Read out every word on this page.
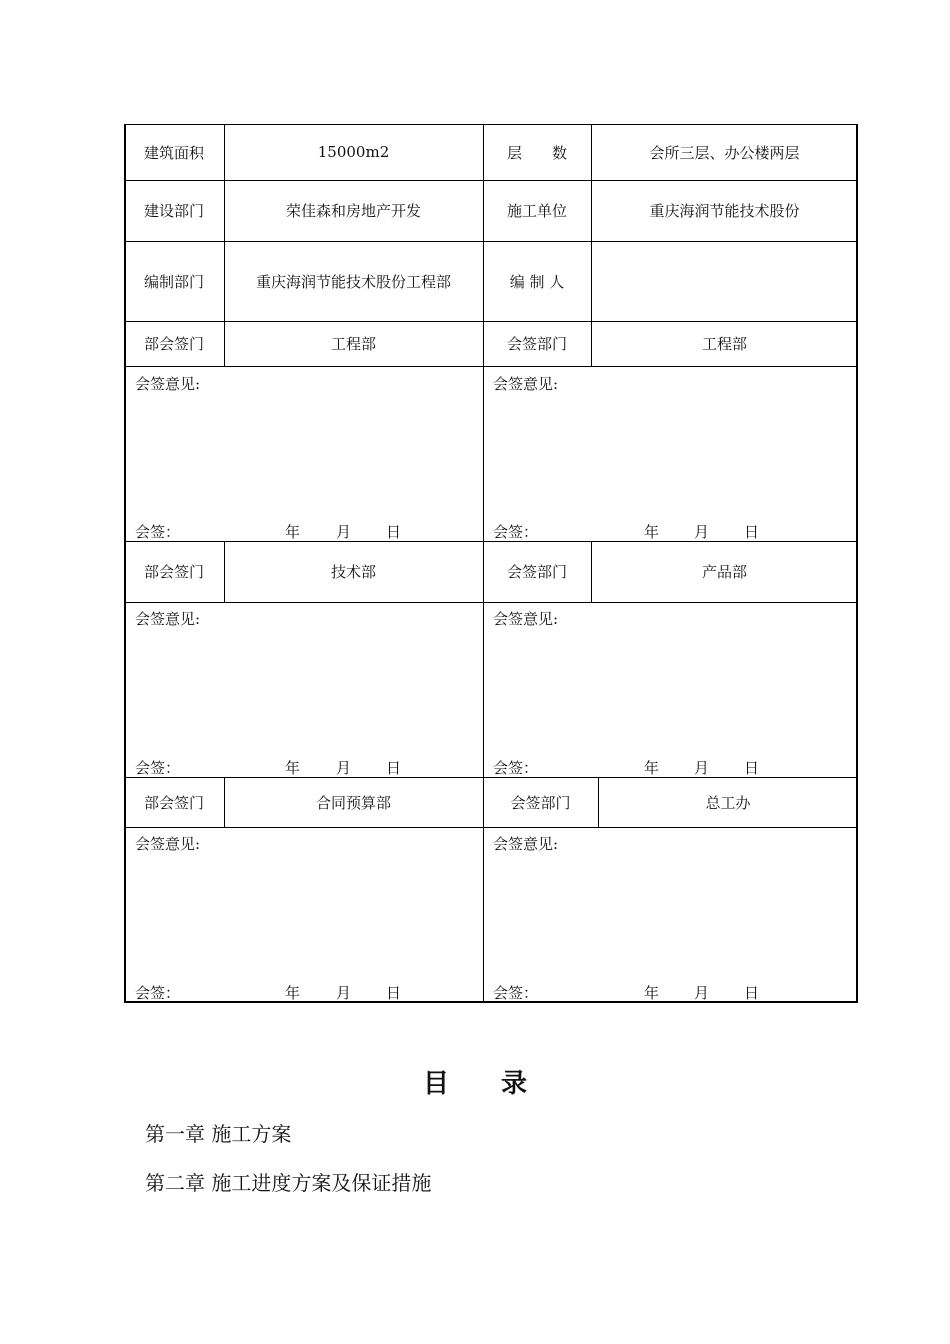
建筑面积	15000m2	层　　数	会所三层、办公楼两层
建设部门	荣佳森和房地产开发	施工单位	重庆海润节能技术股份
编制部门	重庆海润节能技术股份工程部	编 制 人
部会签门	工程部	会签部门	工程部
会签意见:	会签意见:
会签：	年 月 日	会签：	年 月 日
部会签门	技术部	会签部门	产品部
会签意见:	会签意见:
会签：	年 月 日	会签：	年 月 日
部会签门	合同预算部	会签部门	总工办
会签意见:	会签意见:
会签：	年 月 日	会签：	年 月 日
目　　录
第一章 施工方案
第二章 施工进度方案及保证措施
